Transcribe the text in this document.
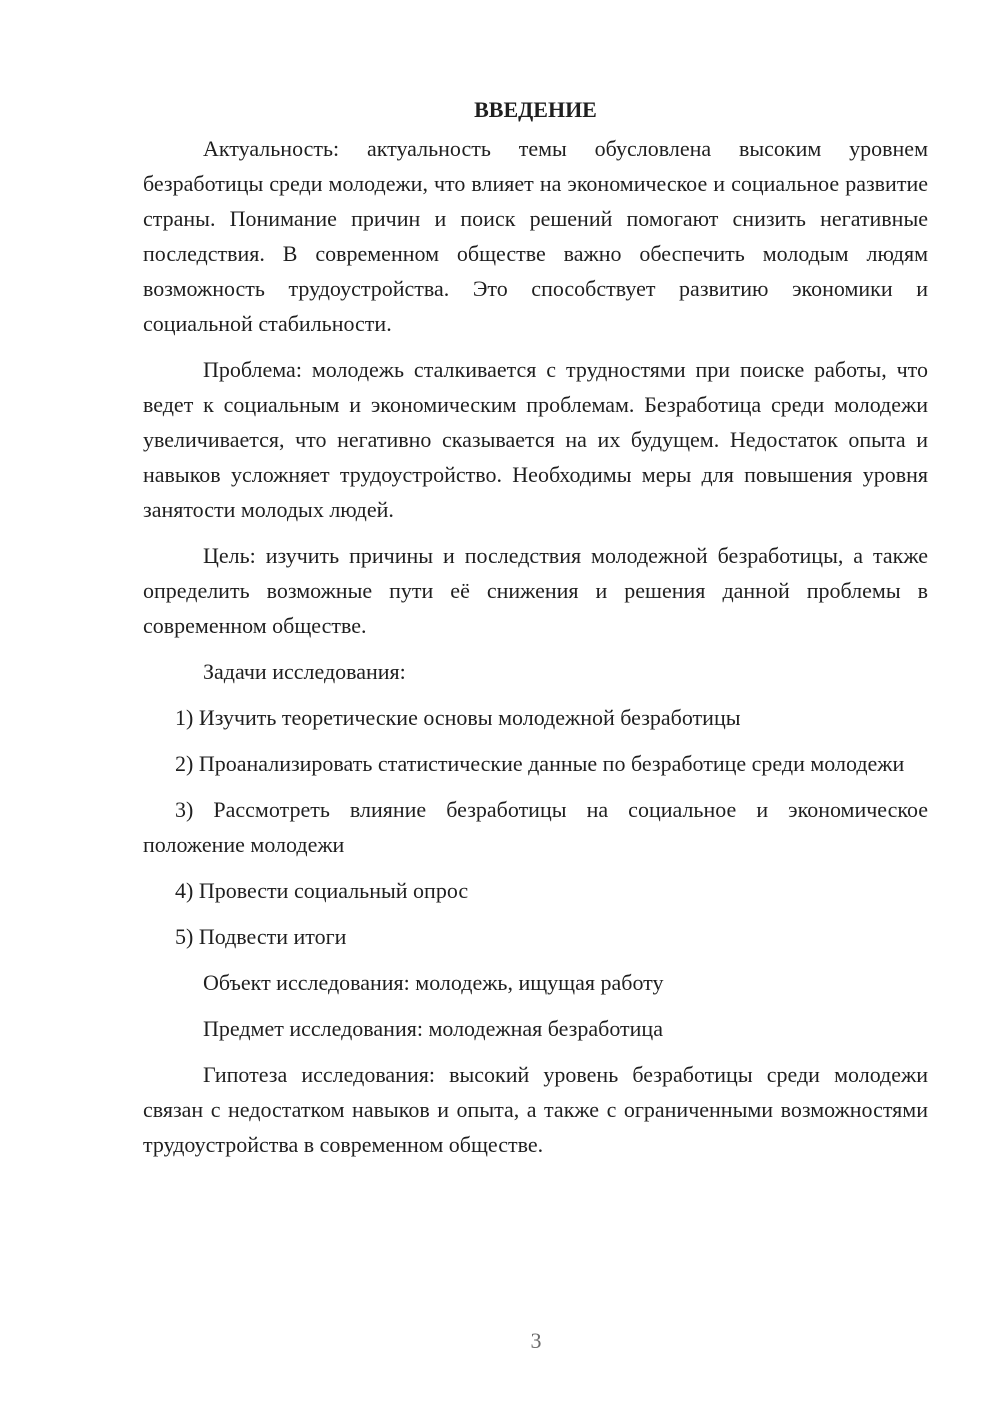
ВВЕДЕНИЕ

Актуальность: актуальность темы обусловлена высоким уровнем безработицы среди молодежи, что влияет на экономическое и социальное развитие страны. Понимание причин и поиск решений помогают снизить негативные последствия. В современном обществе важно обеспечить молодым людям возможность трудоустройства. Это способствует развитию экономики и социальной стабильности.

Проблема: молодежь сталкивается с трудностями при поиске работы, что ведет к социальным и экономическим проблемам. Безработица среди молодежи увеличивается, что негативно сказывается на их будущем. Недостаток опыта и навыков усложняет трудоустройство. Необходимы меры для повышения уровня занятости молодых людей.

Цель: изучить причины и последствия молодежной безработицы, а также определить возможные пути её снижения и решения данной проблемы в современном обществе.

Задачи исследования:

1) Изучить теоретические основы молодежной безработицы

2) Проанализировать статистические данные по безработице среди молодежи

3) Рассмотреть влияние безработицы на социальное и экономическое положение молодежи

4) Провести социальный опрос

5) Подвести итоги

Объект исследования: молодежь, ищущая работу

Предмет исследования: молодежная безработица

Гипотеза исследования: высокий уровень безработицы среди молодежи связан с недостатком навыков и опыта, а также с ограниченными возможностями трудоустройства в современном обществе.

3
